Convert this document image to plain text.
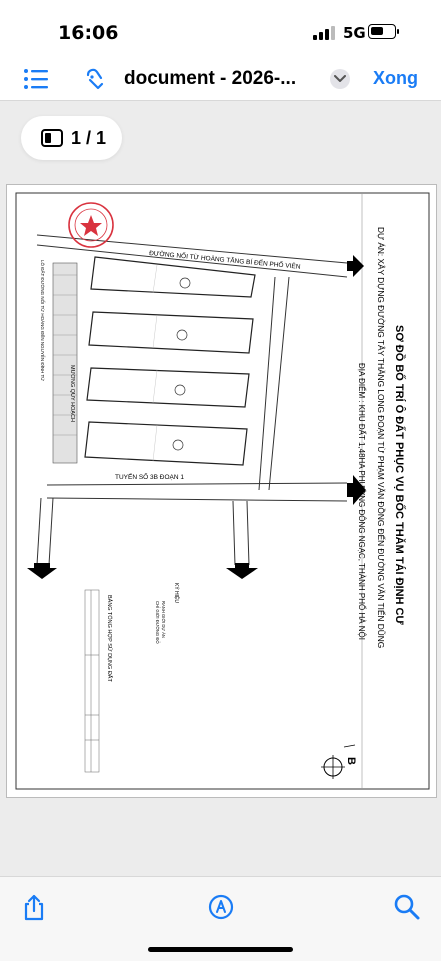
16:06	5G
document - 2026-...	Xong
1 / 1
MƯƠNG QUY HOẠCH
LÔ ĐẤT ĐƯỜNG NỐI TỪ HOÀNG ĐẾN NGUYỄN ĐÌNH TỨ	ĐƯỜNG NỐI TỪ HOÀNG TĂNG BÍ ĐẾN PHỐ VIÊN
TUYẾN SỐ 3B ĐOẠN 1
KÝ HIỆU
RANH GIỚI DỰ ÁN
CHỈ GIỚI ĐƯỜNG ĐỎ
BẢNG TỔNG HỢP SỬ DỤNG ĐẤT
B
SƠ ĐỒ BỐ TRÍ Ô ĐẤT PHỤC VỤ BỐC THĂM TÁI ĐỊNH CƯ
DỰ ÁN: XÂY DỰNG ĐƯỜNG TÂY THĂNG LONG ĐOẠN TỪ PHẠM VĂN ĐỒNG ĐẾN ĐƯỜNG VĂN TIẾN DŨNG
ĐỊA ĐIỂM : KHU ĐẤT 1,48HA PHƯỜNG ĐÔNG NGẠC, THÀNH PHỐ HÀ NỘI
